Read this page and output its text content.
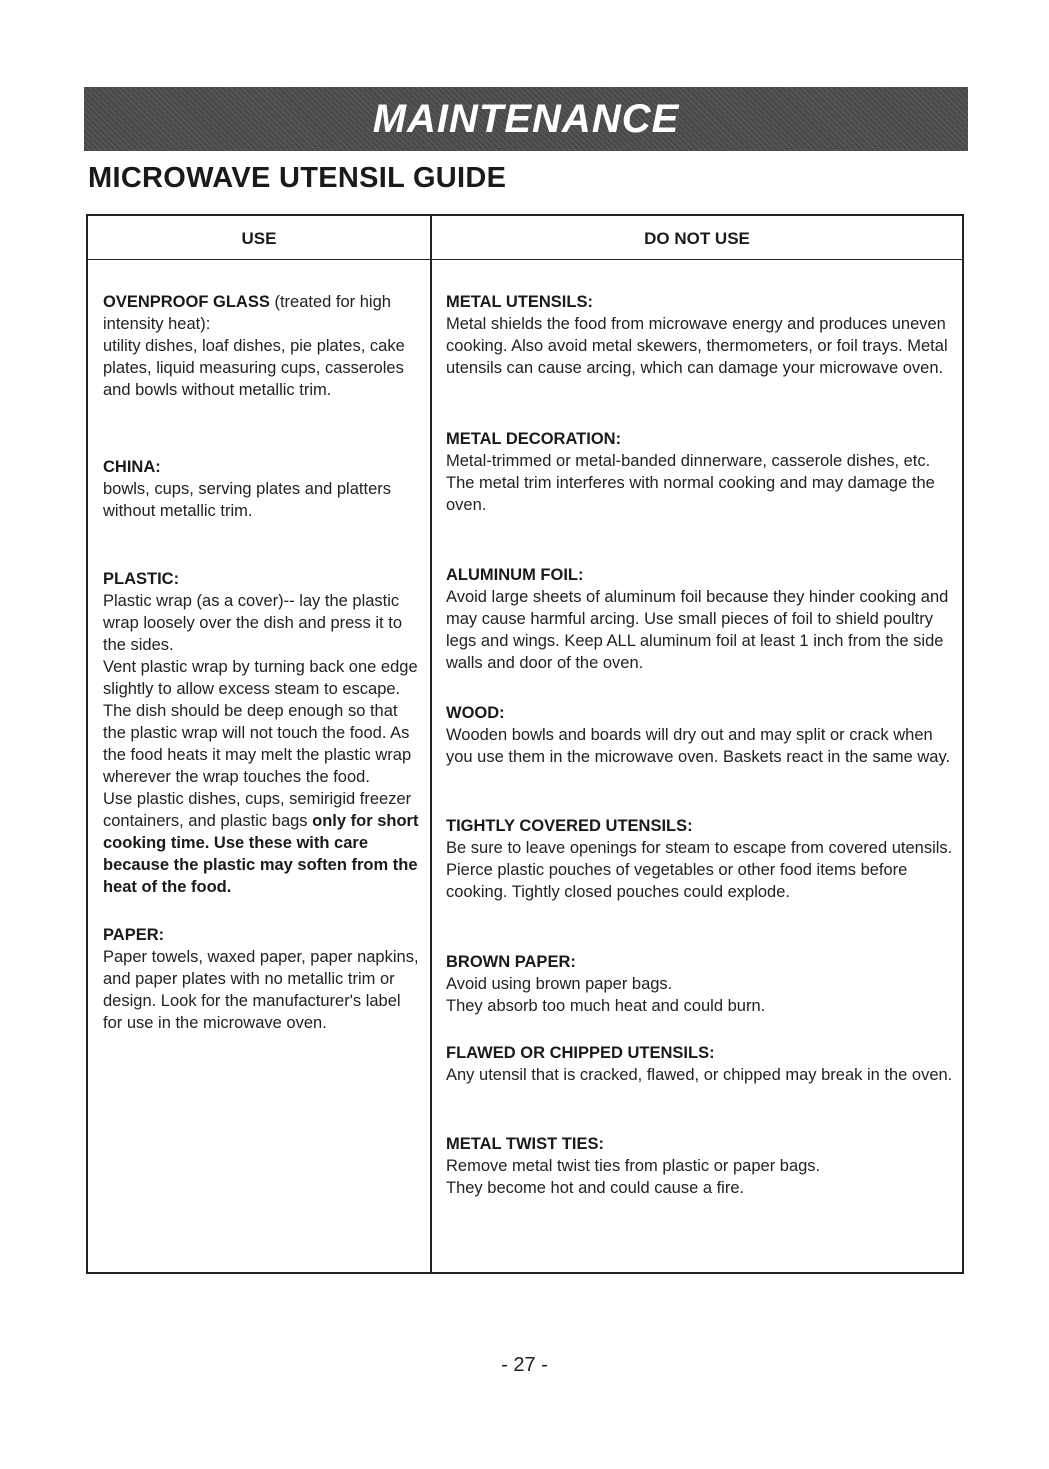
MAINTENANCE
MICROWAVE UTENSIL GUIDE
USE	DO NOT USE

OVENPROOF GLASS (treated for high intensity heat):

utility dishes, loaf dishes, pie plates, cake plates, liquid measuring cups, casseroles and bowls without metallic trim.

CHINA:

bowls, cups, serving plates and platters without metallic trim.

PLASTIC:

Plastic wrap (as a cover)-- lay the plastic wrap loosely over the dish and press it to the sides.

Vent plastic wrap by turning back one edge slightly to allow excess steam to escape. The dish should be deep enough so that the plastic wrap will not touch the food. As the food heats it may melt the plastic wrap wherever the wrap touches the food.

Use plastic dishes, cups, semirigid freezer containers, and plastic bags only for short cooking time. Use these with care because the plastic may soften from the heat of the food.

PAPER:

Paper towels, waxed paper, paper napkins, and paper plates with no metallic trim or design. Look for the manufacturer's label for use in the microwave oven.

METAL UTENSILS:

Metal shields the food from microwave energy and produces uneven cooking. Also avoid metal skewers, thermometers, or foil trays. Metal utensils can cause arcing, which can damage your microwave oven.

METAL DECORATION:

Metal-trimmed or metal-banded dinnerware, casserole dishes, etc. The metal trim interferes with normal cooking and may damage the oven.

ALUMINUM FOIL:

Avoid large sheets of aluminum foil because they hinder cooking and may cause harmful arcing. Use small pieces of foil to shield poultry legs and wings. Keep ALL aluminum foil at least 1 inch from the side walls and door of the oven.

WOOD:

Wooden bowls and boards will dry out and may split or crack when you use them in the microwave oven. Baskets react in the same way.

TIGHTLY COVERED UTENSILS:

Be sure to leave openings for steam to escape from covered utensils. Pierce plastic pouches of vegetables or other food items before cooking. Tightly closed pouches could explode.

BROWN PAPER:

Avoid using brown paper bags.

They absorb too much heat and could burn.

FLAWED OR CHIPPED UTENSILS:

Any utensil that is cracked, flawed, or chipped may break in the oven.

METAL TWIST TIES:

Remove metal twist ties from plastic or paper bags.

They become hot and could cause a fire.

- 27 -
